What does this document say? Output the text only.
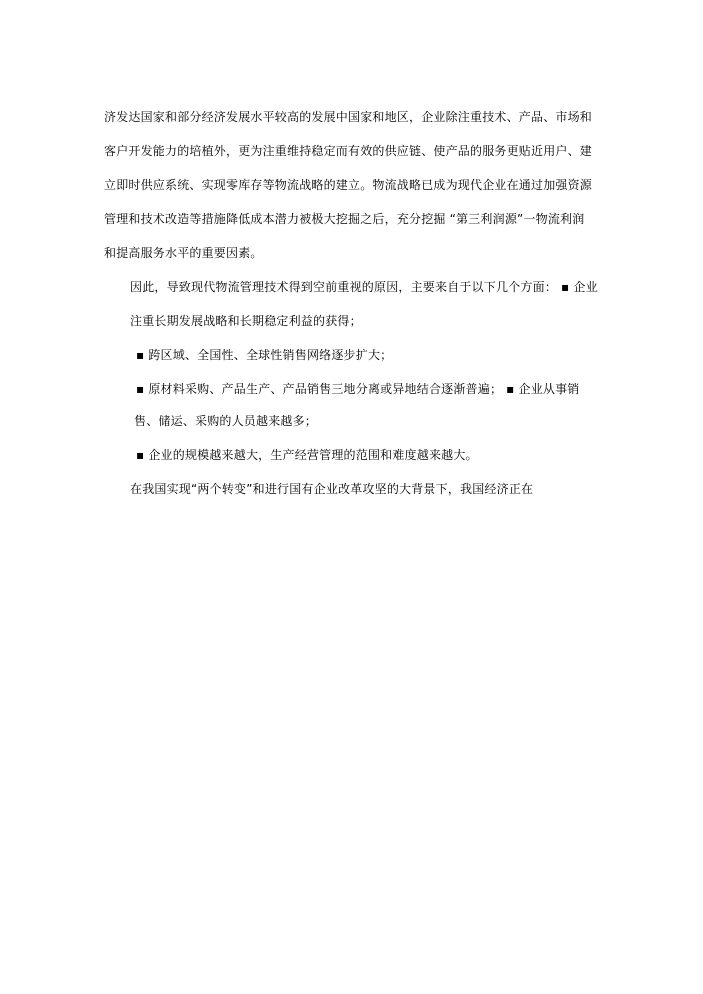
济发达国家和部分经济发展水平较高的发展中国家和地区，企业除注重技术、产品、市场和
客户开发能力的培植外，更为注重维持稳定而有效的供应链、使产品的服务更贴近用户、建
立即时供应系统、实现零库存等物流战略的建立。物流战略已成为现代企业在通过加强资源
管理和技术改造等措施降低成本潜力被极大挖掘之后，充分挖掘 “第三利润源”一物流利润
和提高服务水平的重要因素。
因此，导致现代物流管理技术得到空前重视的原因，主要来自于以下几个方面： ▪ 企业
注重长期发展战略和长期稳定利益的获得；
▪ 跨区域、全国性、全球性销售网络逐步扩大；
▪ 原材料采购、产品生产、产品销售三地分离或异地结合逐渐普遍； ▪ 企业从事销
售、储运、采购的人员越来越多；
▪ 企业的规模越来越大，生产经营管理的范围和难度越来越大。
在我国实现“两个转变”和进行国有企业改革攻坚的大背景下，我国经济正在
